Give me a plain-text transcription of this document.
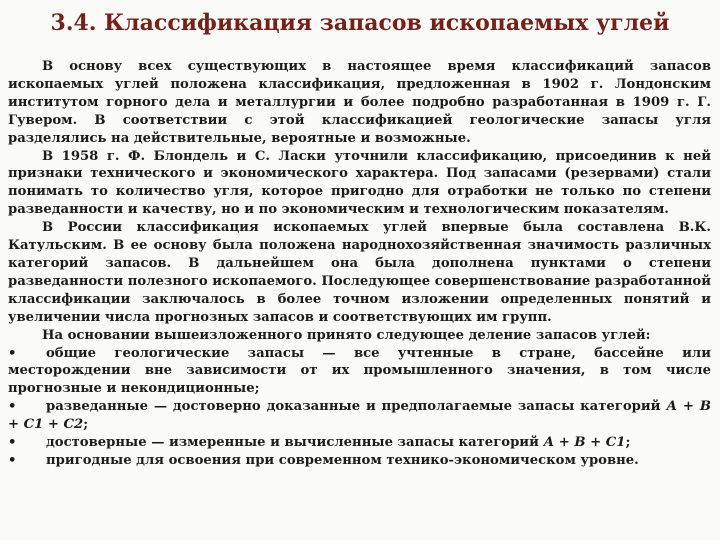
3.4. Классификация запасов ископаемых углей

В основу всех существующих в настоящее время классификаций запасов ископаемых углей положена классификация, предложенная в 1902 г. Лондонским институтом горного дела и металлургии и более подробно разработанная в 1909 г. Г. Гувером. В соответствии с этой классификацией геологические запасы угля разделялись на действительные, вероятные и возможные.

В 1958 г. Ф. Блондель и С. Ласки уточнили классификацию, присоединив к ней признаки технического и экономического характера. Под запасами (резервами) стали понимать то количество угля, которое пригодно для отработки не только по степени разведанности и качеству, но и по экономическим и технологическим показателям.

В России классификация ископаемых углей впервые была составлена В.К. Катульским. В ее основу была положена народнохозяйственная значимость различных категорий запасов. В дальнейшем она была дополнена пунктами о степени разведанности полезного ископаемого. Последующее совершенствование разработанной классификации заключалось в более точном изложении определенных понятий и увеличении числа прогнозных запасов и соответствующих им групп.

На основании вышеизложенного принято следующее деление запасов углей:

• общие геологические запасы — все учтенные в стране, бассейне или месторождении вне зависимости от их промышленного значения, в том числе прогнозные и некондиционные;
• разведанные — достоверно доказанные и предполагаемые запасы категорий А + В + С1 + С2;
• достоверные — измеренные и вычисленные запасы категорий А + В + С1;
• пригодные для освоения при современном технико-экономическом уровне.
